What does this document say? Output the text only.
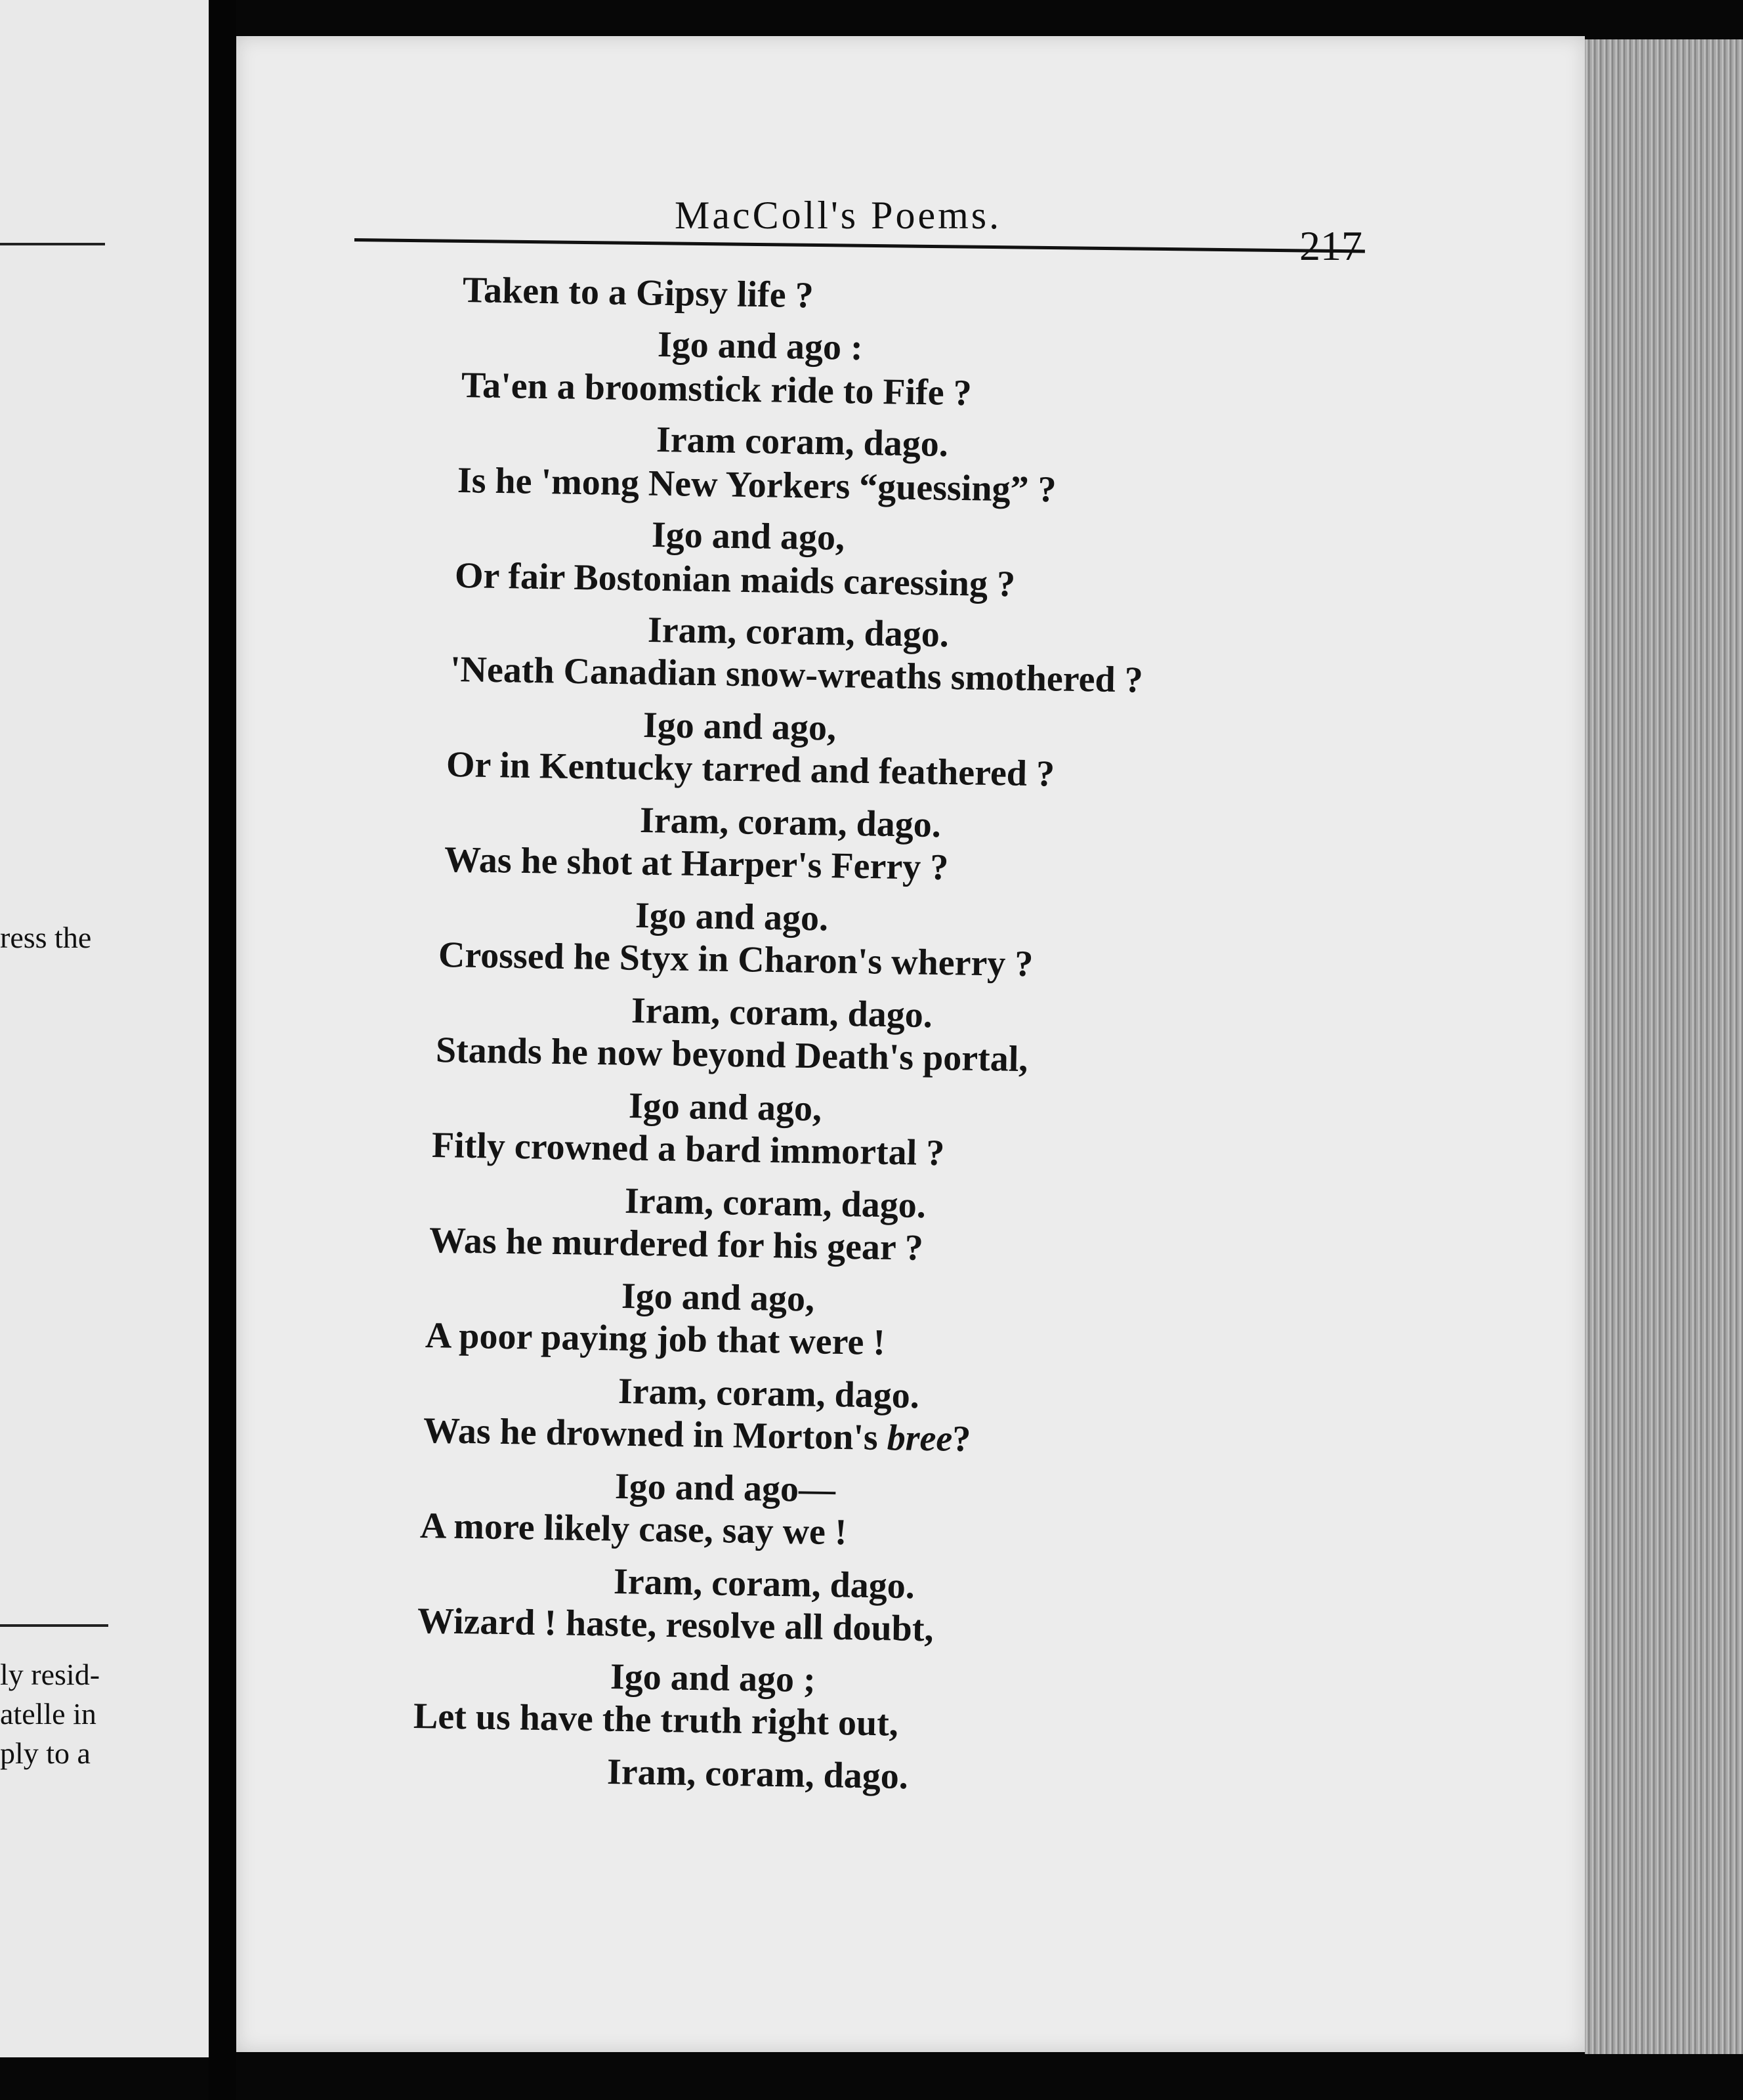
ress the
ly resid-
atelle in
ply to a
MacColl's Poems.
217
Taken to a Gipsy life ?
Igo and ago :
Ta'en a broomstick ride to Fife ?
Iram coram, dago.
Is he 'mong New Yorkers “guessing” ?
Igo and ago,
Or fair Bostonian maids caressing ?
Iram, coram, dago.
'Neath Canadian snow-wreaths smothered ?
Igo and ago,
Or in Kentucky tarred and feathered ?
Iram, coram, dago.
Was he shot at Harper's Ferry ?
Igo and ago.
Crossed he Styx in Charon's wherry ?
Iram, coram, dago.
Stands he now beyond Death's portal,
Igo and ago,
Fitly crowned a bard immortal ?
Iram, coram, dago.
Was he murdered for his gear ?
Igo and ago,
A poor paying job that were !
Iram, coram, dago.
Was he drowned in Morton's bree?
Igo and ago—
A more likely case, say we !
Iram, coram, dago.
Wizard ! haste, resolve all doubt,
Igo and ago ;
Let us have the truth right out,
Iram, coram, dago.
